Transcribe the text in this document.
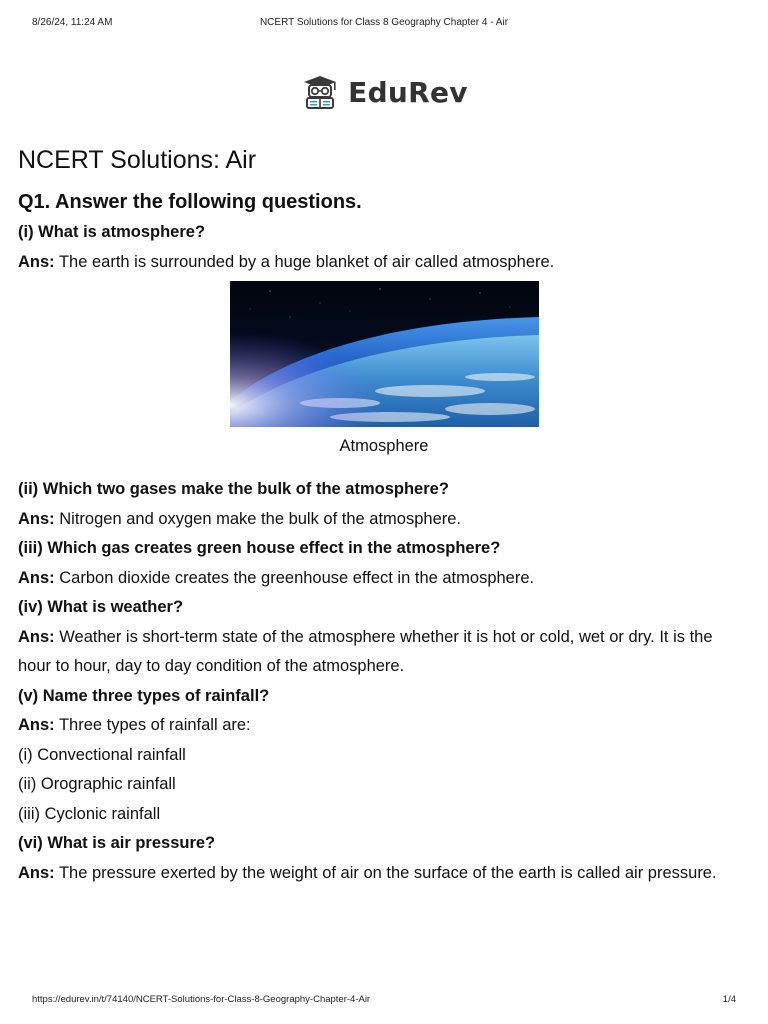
8/26/24, 11:24 AM	NCERT Solutions for Class 8 Geography Chapter 4 - Air
EduRev
NCERT Solutions: Air
Q1. Answer the following questions.

(i) What is atmosphere?

Ans: The earth is surrounded by a huge blanket of air called atmosphere.

Atmosphere

(ii) Which two gases make the bulk of the atmosphere?

Ans: Nitrogen and oxygen make the bulk of the atmosphere.

(iii) Which gas creates green house effect in the atmosphere?

Ans: Carbon dioxide creates the greenhouse effect in the atmosphere.

(iv) What is weather?

Ans: Weather is short-term state of the atmosphere whether it is hot or cold, wet or dry. It is the hour to hour, day to day condition of the atmosphere.

(v) Name three types of rainfall?

Ans: Three types of rainfall are:

(i) Convectional rainfall

(ii) Orographic rainfall

(iii) Cyclonic rainfall

(vi) What is air pressure?

Ans: The pressure exerted by the weight of air on the surface of the earth is called air pressure.

https://edurev.in/t/74140/NCERT-Solutions-for-Class-8-Geography-Chapter-4-Air	1/4
